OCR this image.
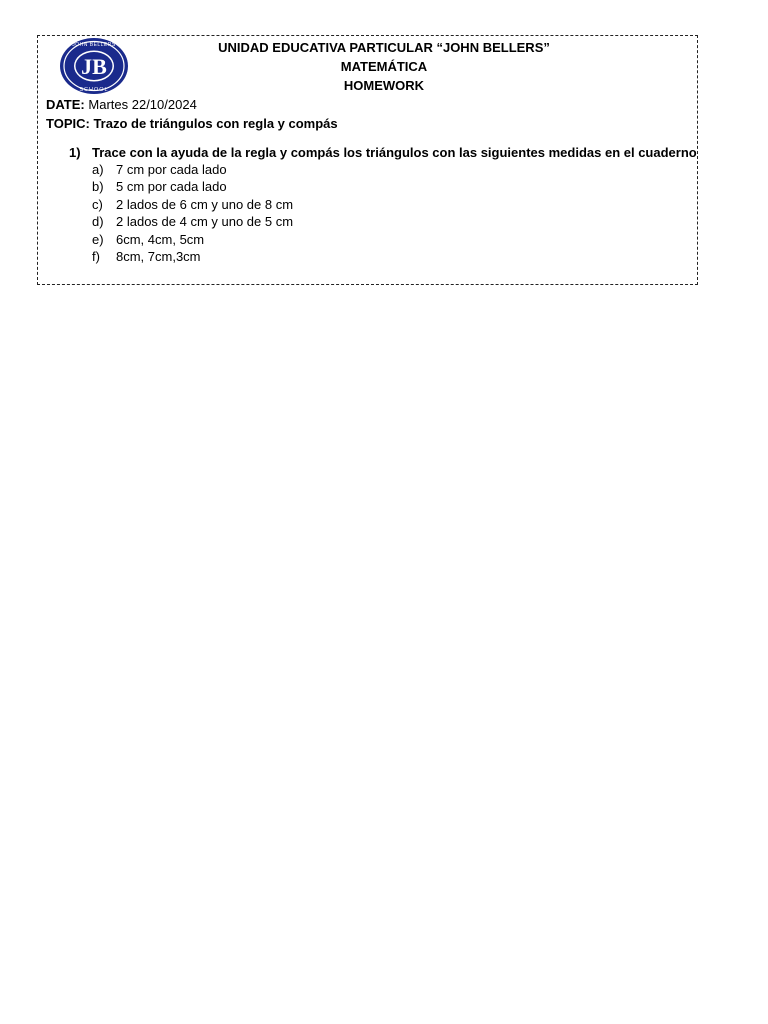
JB
JOHN BELLERS
SCHOOL
UNIDAD EDUCATIVA PARTICULAR “JOHN BELLERS”
MATEMÁTICA
HOMEWORK
DATE: Martes 22/10/2024
TOPIC: Trazo de triángulos con regla y compás
1) Trace con la ayuda de la regla y compás los triángulos con las siguientes medidas en el cuaderno
a) 7 cm por cada lado
b) 5 cm por cada lado
c) 2 lados de 6 cm y uno de 8 cm
d) 2 lados de 4 cm y uno de 5 cm
e) 6cm, 4cm, 5cm
f) 8cm, 7cm,3cm
